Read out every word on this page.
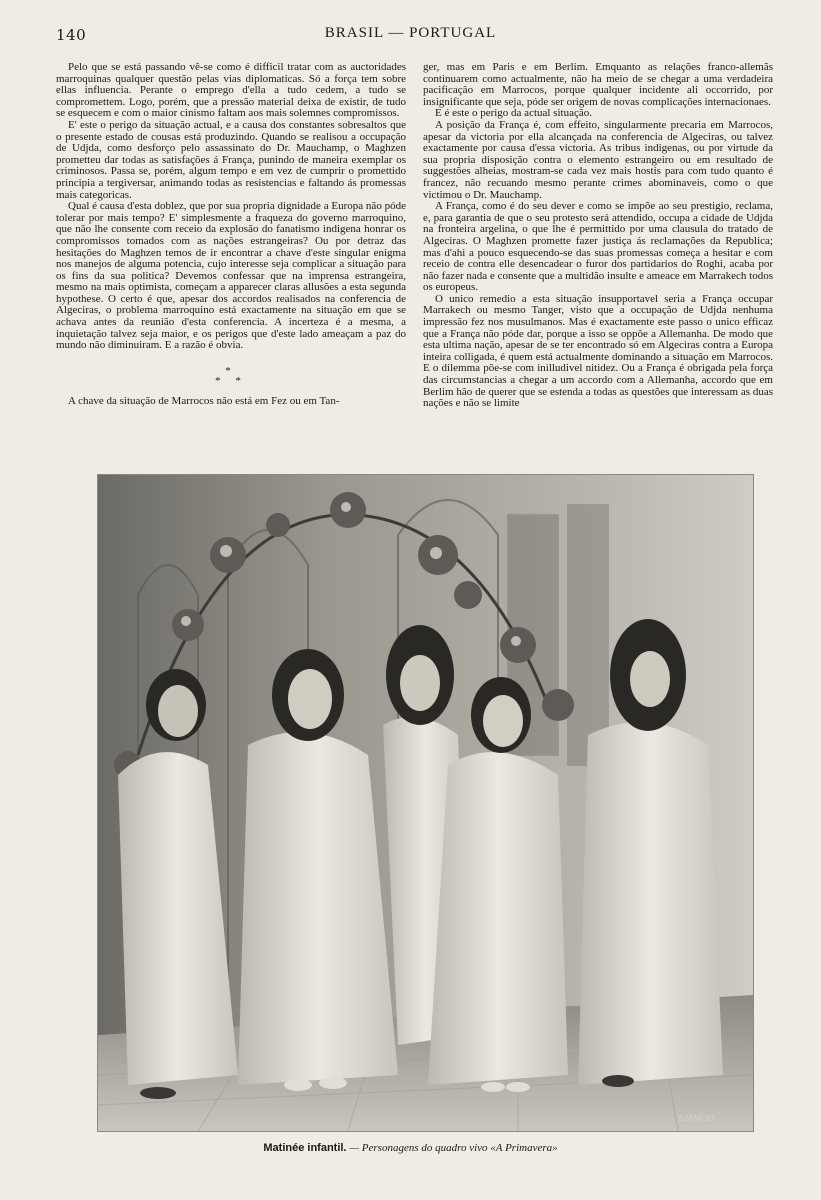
140	BRASIL — PORTUGAL

Pelo que se está passando vê-se como é difficil tratar com as auctoridades marroquinas qualquer questão pelas vias diplomaticas. Só a força tem sobre ellas influencia. Perante o emprego d'ella a tudo cedem, a tudo se compromettem. Logo, porém, que a pressão material deixa de existir, de tudo se esquecem e com o maior cinismo faltam aos mais solemnes compromissos.

E' este o perigo da situação actual, e a causa dos constantes sobresaltos que o presente estado de cousas está produzindo. Quando se realisou a occupação de Udjda, como desforço pelo assassinato do Dr. Mauchamp, o Maghzen prometteu dar todas as satisfações á França, punindo de maneira exemplar os criminosos. Passa se, porém, algum tempo e em vez de cumprir o promettido principia a tergiversar, animando todas as resistencias e faltando ás promessas mais categoricas.

Qual é causa d'esta doblez, que por sua propria dignidade a Europa não póde tolerar por mais tempo? E' simplesmente a fraqueza do governo marroquino, que não lhe consente com receio da explosão do fanatismo indigena honrar os compromissos tomados com as nações estrangeiras? Ou por detraz das hesitações do Maghzen temos de ir encontrar a chave d'este singular enigma nos manejos de alguma potencia, cujo interesse seja complicar a situação para os fins da sua politica? Devemos confessar que na imprensa estrangeira, mesmo na mais optimista, começam a apparecer claras allusões a esta segunda hypothese. O certo é que, apesar dos accordos realisados na conferencia de Algeciras, o problema marroquino está exactamente na situação em que se achava antes da reunião d'esta conferencia. A incerteza é a mesma, a inquietação talvez seja maior, e os perigos que d'este lado ameaçam a paz do mundo não diminuiram. E a razão é obvia.

*
* *

A chave da situação de Marrocos não está em Fez ou em Tan-

ger, mas em Paris e em Berlim. Emquanto as relações franco-allemãs continuarem como actualmente, não ha meio de se chegar a uma verdadeira pacificação em Marrocos, porque qualquer incidente ali occorrido, por insignificante que seja, póde ser origem de novas complicações internacionaes.

E é este o perigo da actual situação.

A posição da França é, com effeito, singularmente precaria em Marrocos, apesar da victoria por ella alcançada na conferencia de Algeciras, ou talvez exactamente por causa d'essa victoria. As tribus indigenas, ou por virtude da sua propria disposição contra o elemento estrangeiro ou em resultado de suggestões alheias, mostram-se cada vez mais hostis para com tudo quanto é francez, não recuando mesmo perante crimes abominaveis, como o que victimou o Dr. Mauchamp.

A França, como é do seu dever e como se impõe ao seu prestigio, reclama, e, para garantia de que o seu protesto será attendido, occupa a cidade de Udjda na fronteira argelina, o que lhe é permittido por uma clausula do tratado de Algeciras. O Maghzen promette fazer justiça ás reclamações da Republica; mas d'ahi a pouco esquecendo-se das suas promessas começa a hesitar e com receio de contra elle desencadear o furor dos partidarios do Roghi, acaba por não fazer nada e consente que a multidão insulte e ameace em Marrakech todos os europeus.

O unico remedio a esta situação insupportavel seria a França occupar Marrakech ou mesmo Tanger, visto que a occupação de Udjda nenhuma impressão fez nos musulmanos. Mas é exactamente este passo o unico efficaz que a França não póde dar, porque a isso se oppõe a Allemanha. De modo que esta ultima nação, apesar de se ter encontrado só em Algeciras contra a Europa inteira colligada, é quem está actualmente dominando a situação em Marrocos. E o dilemma põe-se com inilludivel nitidez. Ou a França é obrigada pela força das circumstancias a chegar a um accordo com a Allemanha, accordo que em Berlim hão de querer que se estenda a todas as questões que interessam as duas nações e não se limite

S.MAR.9?
Matinée infantil. — Personagens do quadro vivo «A Primavera»
